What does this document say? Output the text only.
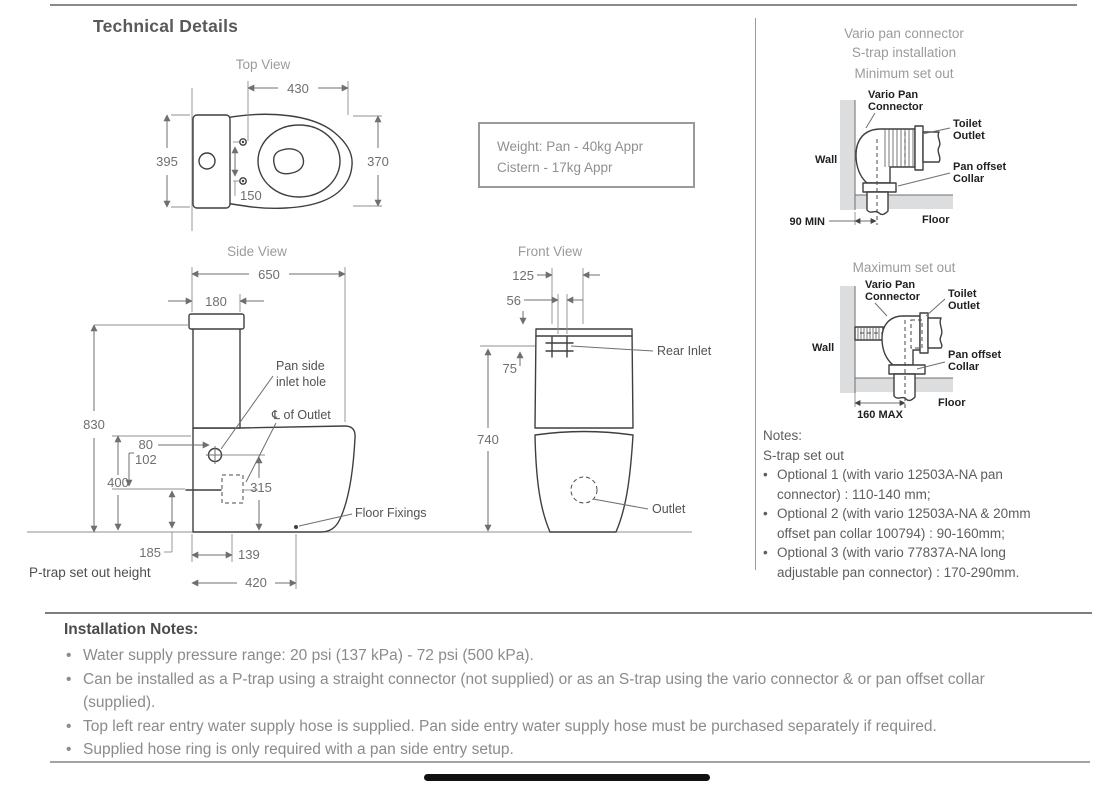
Technical Details
Top View
430
395	370
150
Weight: Pan - 40kg Appr
Cistern - 17kg Appr
Side View
650
180
830
80
102
400	315
185	139
420
Pan side
inlet hole
℄ of Outlet
Floor Fixings
P-trap set out height
Front View
125
56
75
740
Rear Inlet
Outlet
Vario pan connector
S-trap installation
Minimum set out
Vario Pan
Connector
Toilet
Outlet
Wall
Pan offset
Collar
90 MIN	Floor
Maximum set out
Vario Pan
Connector	Toilet
Outlet
Wall
Pan offset
Collar
160 MAX
Floor

Notes:

S-trap set out

• Optional 1 (with vario 12503A-NA pan connector) : 110-140 mm;
• Optional 2 (with vario 12503A-NA & 20mm offset pan collar 100794) : 90-160mm;
• Optional 3 (with vario 77837A-NA long adjustable pan connector) : 170-290mm.
Installation Notes:
• Water supply pressure range: 20 psi (137 kPa) - 72 psi (500 kPa).
• Can be installed as a P-trap using a straight connector (not supplied) or as an S-trap using the vario connector & or pan offset collar (supplied).
• Top left rear entry water supply hose is supplied. Pan side entry water supply hose must be purchased separately if required.
• Supplied hose ring is only required with a pan side entry setup.
